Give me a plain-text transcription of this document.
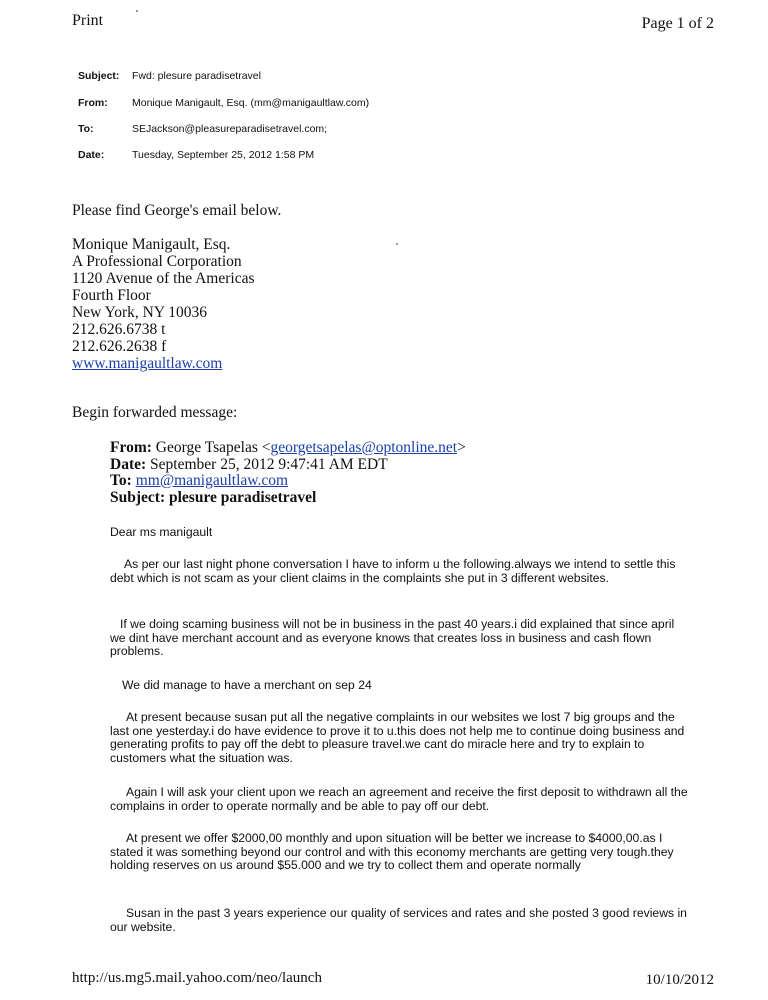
Print	Page 1 of 2
Subject: Fwd: plesure paradisetravel
From: Monique Manigault, Esq. (mm@manigaultlaw.com)
To:	SEJackson@pleasureparadisetravel.com;
Date:	Tuesday, September 25, 2012 1:58 PM
Please find George's email below.
Monique Manigault, Esq.
A Professional Corporation
1120 Avenue of the Americas
Fourth Floor
New York, NY 10036
212.626.6738 t
212.626.2638 f
www.manigaultlaw.com
Begin forwarded message:
From: George Tsapelas <georgetsapelas@optonline.net>
Date: September 25, 2012 9:47:41 AM EDT
To: mm@manigaultlaw.com
Subject: plesure paradisetravel
Dear ms manigault
As per our last night phone conversation I have to inform u the following.always we intend to settle this debt which is not scam as your client claims in the complaints she put in 3 different websites.
If we doing scaming business will not be in business in the past 40 years.i did explained that since april we dint have merchant account and as everyone knows that creates loss in business and cash flown problems.
We did manage to have a merchant on sep 24
At present because susan put all the negative complaints in our websites we lost 7 big groups and the last one yesterday.i do have evidence to prove it to u.this does not help me to continue doing business and generating profits to pay off the debt to pleasure travel.we cant do miracle here and try to explain to customers what the situation was.
Again I will ask your client upon we reach an agreement and receive the first deposit to withdrawn all the complains in order to operate normally and be able to pay off our debt.
At present we offer $2000,00 monthly and upon situation will be better we increase to $4000,00.as I stated it was something beyond our control and with this economy merchants are getting very tough.they holding reserves on us around $55.000 and we try to collect them and operate normally
Susan in the past 3 years experience our quality of services and rates and she posted 3 good reviews in our website.
http://us.mg5.mail.yahoo.com/neo/launch	10/10/2012
